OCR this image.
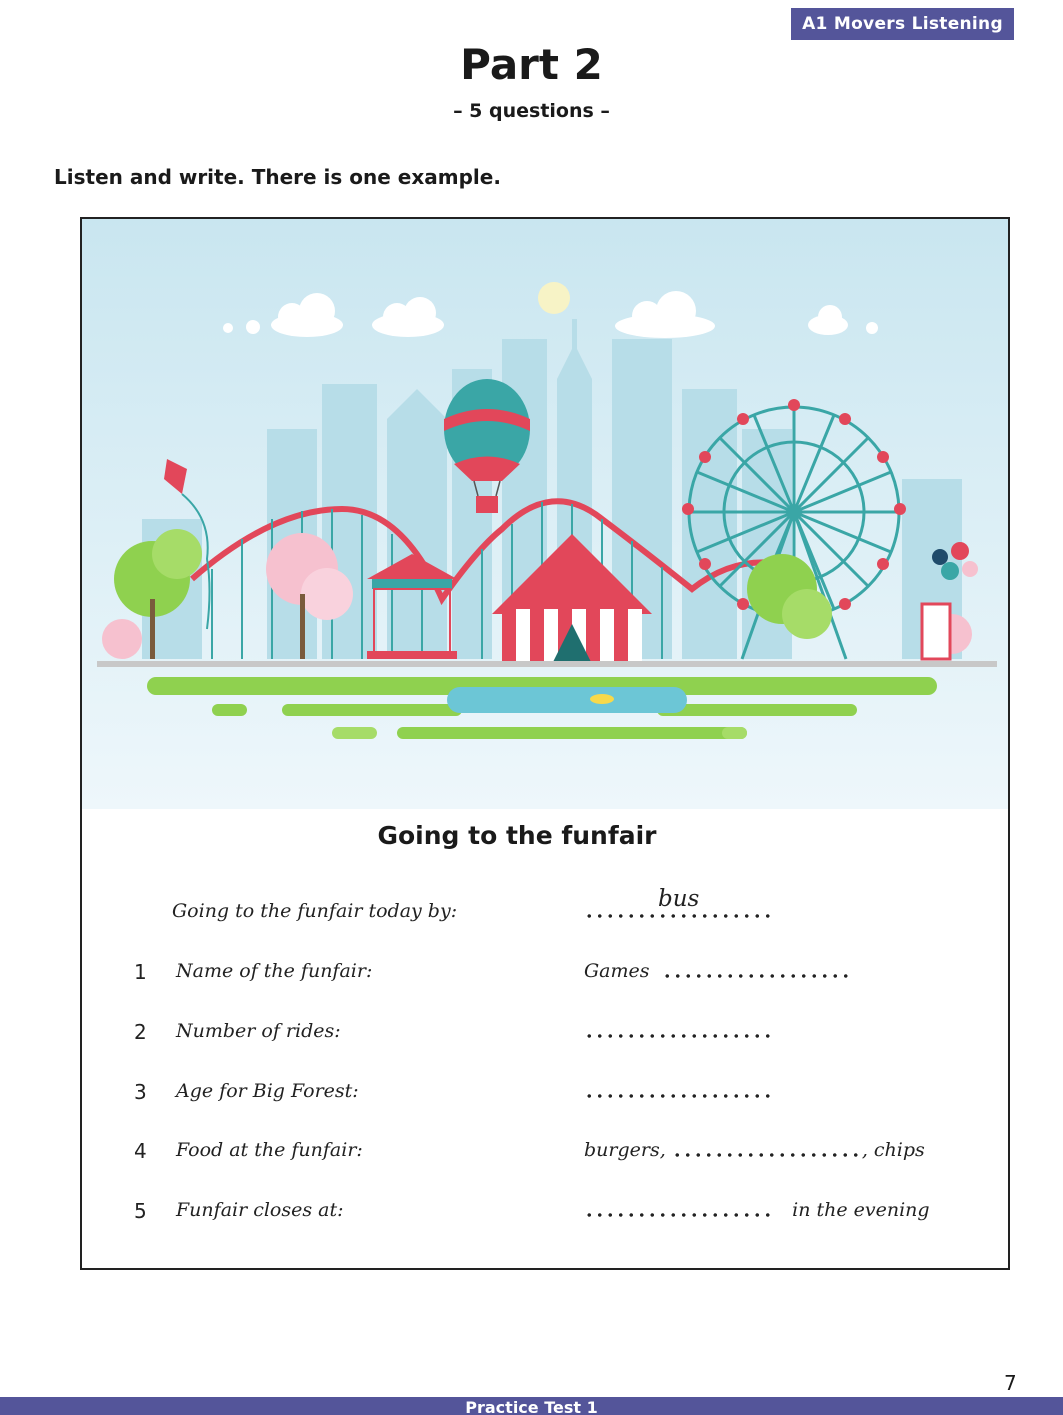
A1 Movers Listening
Part 2
– 5 questions –
Listen and write. There is one example.
Going to the funfair
Going to the funfair today by:	bus
1 Name of the funfair:	Games
2 Number of rides:
3 Age for Big Forest:
4 Food at the funfair:	burgers,	, chips
5 Funfair closes at:	in the evening
7
Practice Test 1
